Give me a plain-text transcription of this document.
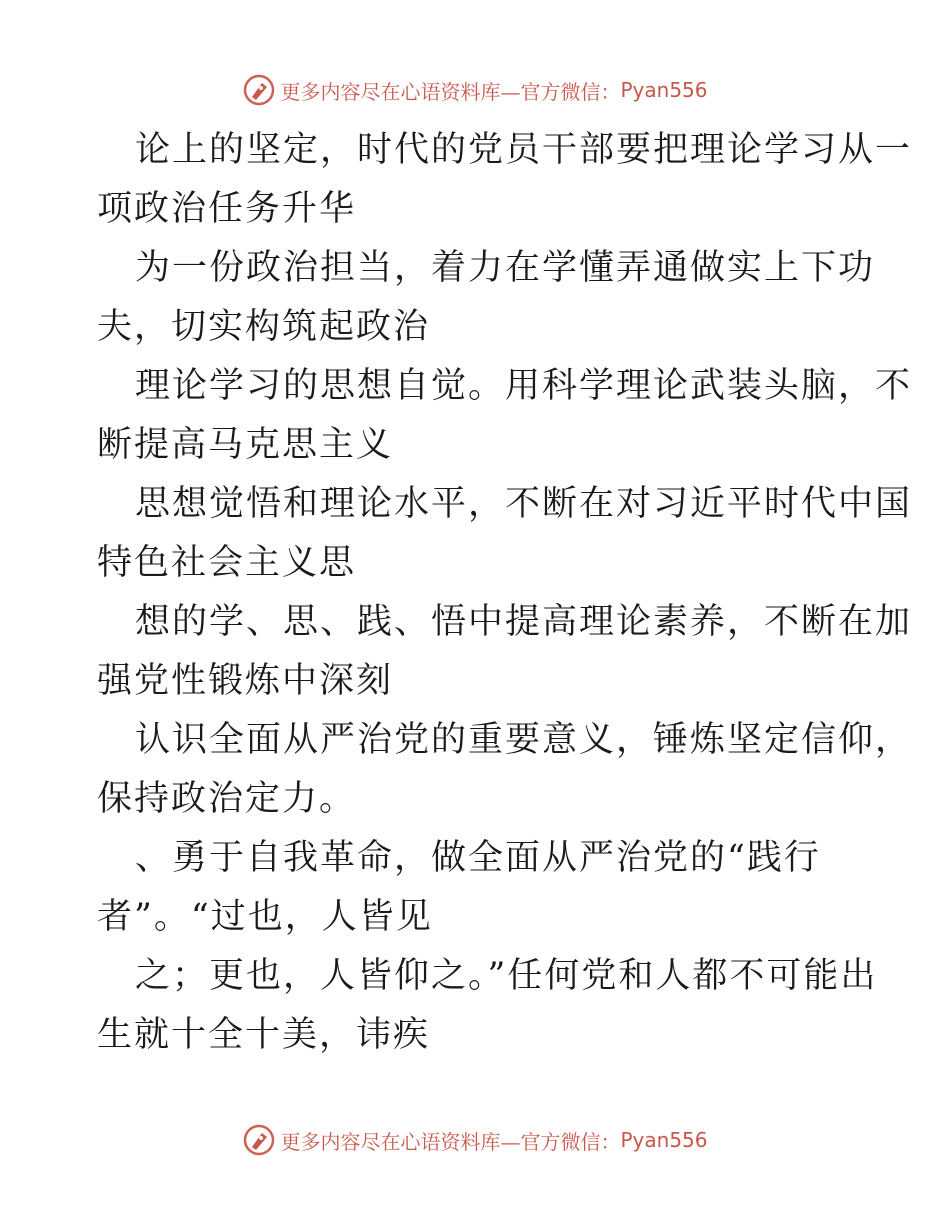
更多内容尽在心语资料库—官方微信： Pyan556
论上的坚定，时代的党员干部要把理论学习从一
项政治任务升华
为一份政治担当，着力在学懂弄通做实上下功
夫，切实构筑起政治
理论学习的思想自觉。用科学理论武装头脑，不
断提高马克思主义
思想觉悟和理论水平，不断在对习近平时代中国
特色社会主义思
想的学、思、践、悟中提高理论素养，不断在加
强党性锻炼中深刻
认识全面从严治党的重要意义，锤炼坚定信仰，
保持政治定力。
、勇于自我革命，做全面从严治党的“践行
者”。“过也，人皆见
之；更也，人皆仰之。”任何党和人都不可能出
生就十全十美，讳疾
更多内容尽在心语资料库—官方微信： Pyan556
